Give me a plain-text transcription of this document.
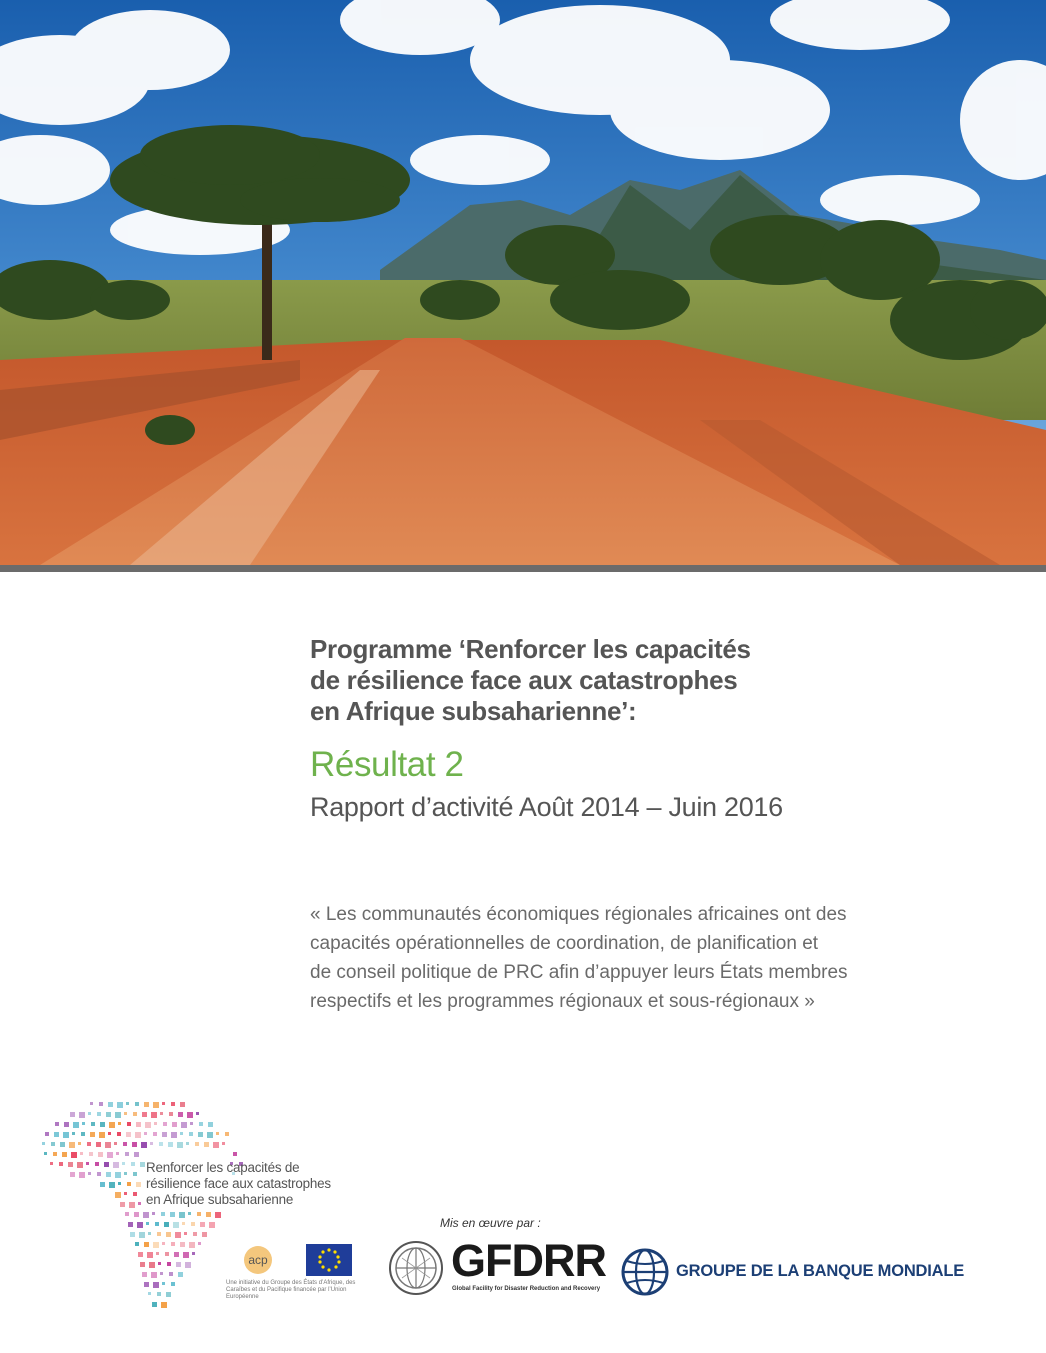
Programme ‘Renforcer les capacités
de résilience face aux catastrophes
en Afrique subsaharienne’:
Résultat 2
Rapport d’activité Août 2014 – Juin 2016
« Les communautés économiques régionales africaines ont des
capacités opérationnelles de coordination, de planification et
de conseil politique de PRC afin d’appuyer leurs États membres
respectifs et les programmes régionaux et sous-régionaux »
Renforcer les capacités de
résilience face aux catastrophes
en Afrique subsaharienne
acp
Une initiative du Groupe des États d’Afrique, des Caraïbes et du Pacifique financée par l’Union Européenne
Mis en œuvre par :
GFDRR
Global Facility for Disaster Reduction and Recovery
GROUPE DE LA BANQUE MONDIALE
